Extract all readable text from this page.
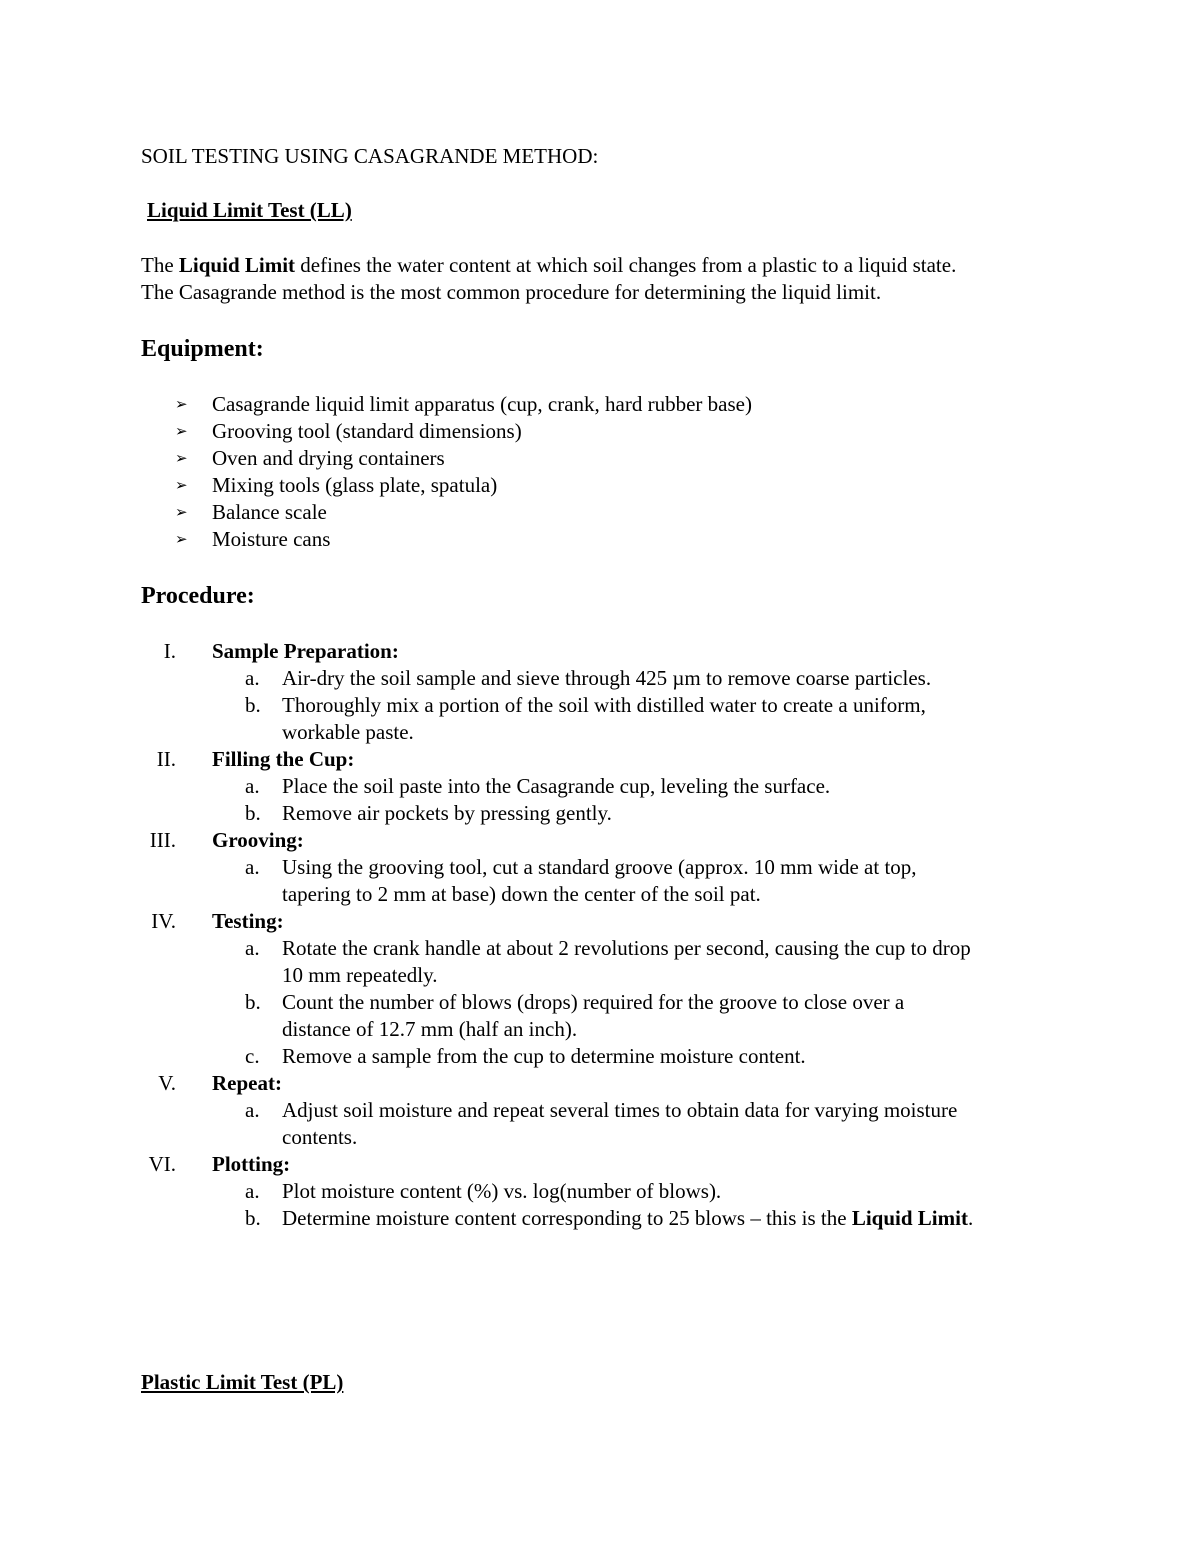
SOIL TESTING USING CASAGRANDE METHOD:
Liquid Limit Test (LL)

The Liquid Limit defines the water content at which soil changes from a plastic to a liquid state.
The Casagrande method is the most common procedure for determining the liquid limit.

Equipment:
➢ Casagrande liquid limit apparatus (cup, crank, hard rubber base)
➢ Grooving tool (standard dimensions)
➢ Oven and drying containers
➢ Mixing tools (glass plate, spatula)
➢ Balance scale
➢ Moisture cans
Procedure:
I. Sample Preparation:
a.	Air-dry the soil sample and sieve through 425 µm to remove coarse particles.
b.	Thoroughly mix a portion of the soil with distilled water to create a uniform,
workable paste.
II. Filling the Cup:
a.	Place the soil paste into the Casagrande cup, leveling the surface.
b.	Remove air pockets by pressing gently.
III. Grooving:
a.	Using the grooving tool, cut a standard groove (approx. 10 mm wide at top,
tapering to 2 mm at base) down the center of the soil pat.
IV. Testing:
a.	Rotate the crank handle at about 2 revolutions per second, causing the cup to drop
10 mm repeatedly.
b.	Count the number of blows (drops) required for the groove to close over a
distance of 12.7 mm (half an inch).
c.	Remove a sample from the cup to determine moisture content.
V. Repeat:
a.	Adjust soil moisture and repeat several times to obtain data for varying moisture
contents.
VI. Plotting:
a.	Plot moisture content (%) vs. log(number of blows).
b.	Determine moisture content corresponding to 25 blows – this is the Liquid Limit.
Plastic Limit Test (PL)
